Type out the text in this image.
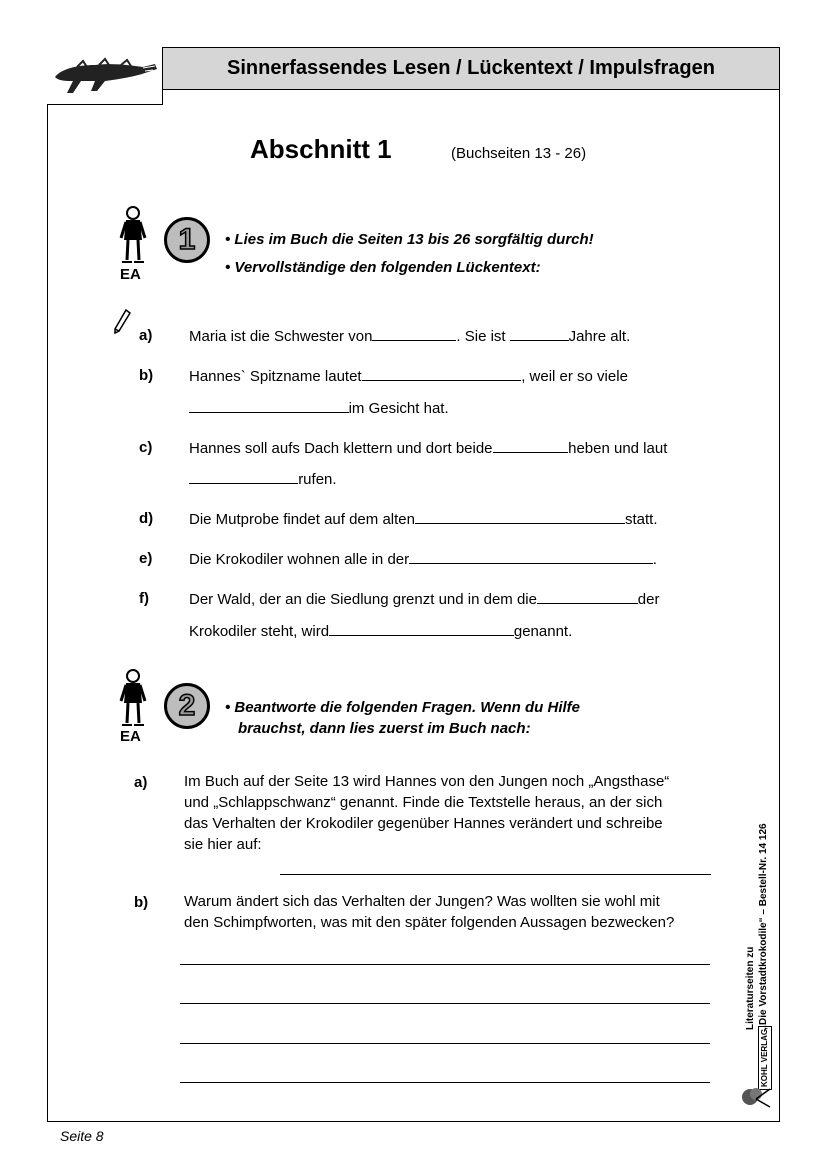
Sinnerfassendes Lesen / Lückentext / Impulsfragen
Abschnitt 1	(Buchseiten 13 - 26)
EA
1 • Lies im Buch die Seiten 13 bis 26 sorgfältig durch!
• Vervollständige den folgenden Lückentext:
a) Maria ist die Schwester von	. Sie ist	Jahre alt.
b) Hannes` Spitzname lautet	, weil er so viele
im Gesicht hat.
c) Hannes soll aufs Dach klettern und dort beide	heben und laut
rufen.
d) Die Mutprobe findet auf dem alten	statt.
e) Die Krokodiler wohnen alle in der	.
f)	Der Wald, der an die Siedlung grenzt und in dem die	der
Krokodiler steht, wird	genannt.
EA
2 • Beantworte die folgenden Fragen. Wenn du Hilfe
brauchst, dann lies zuerst im Buch nach:
a) Im Buch auf der Seite 13 wird Hannes von den Jungen noch „Angsthase“
und „Schlappschwanz“ genannt. Finde die Textstelle heraus, an der sich
das Verhalten der Krokodiler gegenüber Hannes verändert und schreibe
sie hier auf:
b) Warum ändert sich das Verhalten der Jungen? Was wollten sie wohl mit
den Schimpfworten, was mit den später folgenden Aussagen bezwecken?
Literaturseiten zu „Die Vorstadtkrokodile“ – Bestell-Nr. 14 126
KOHL VERLAG
Seite 8
